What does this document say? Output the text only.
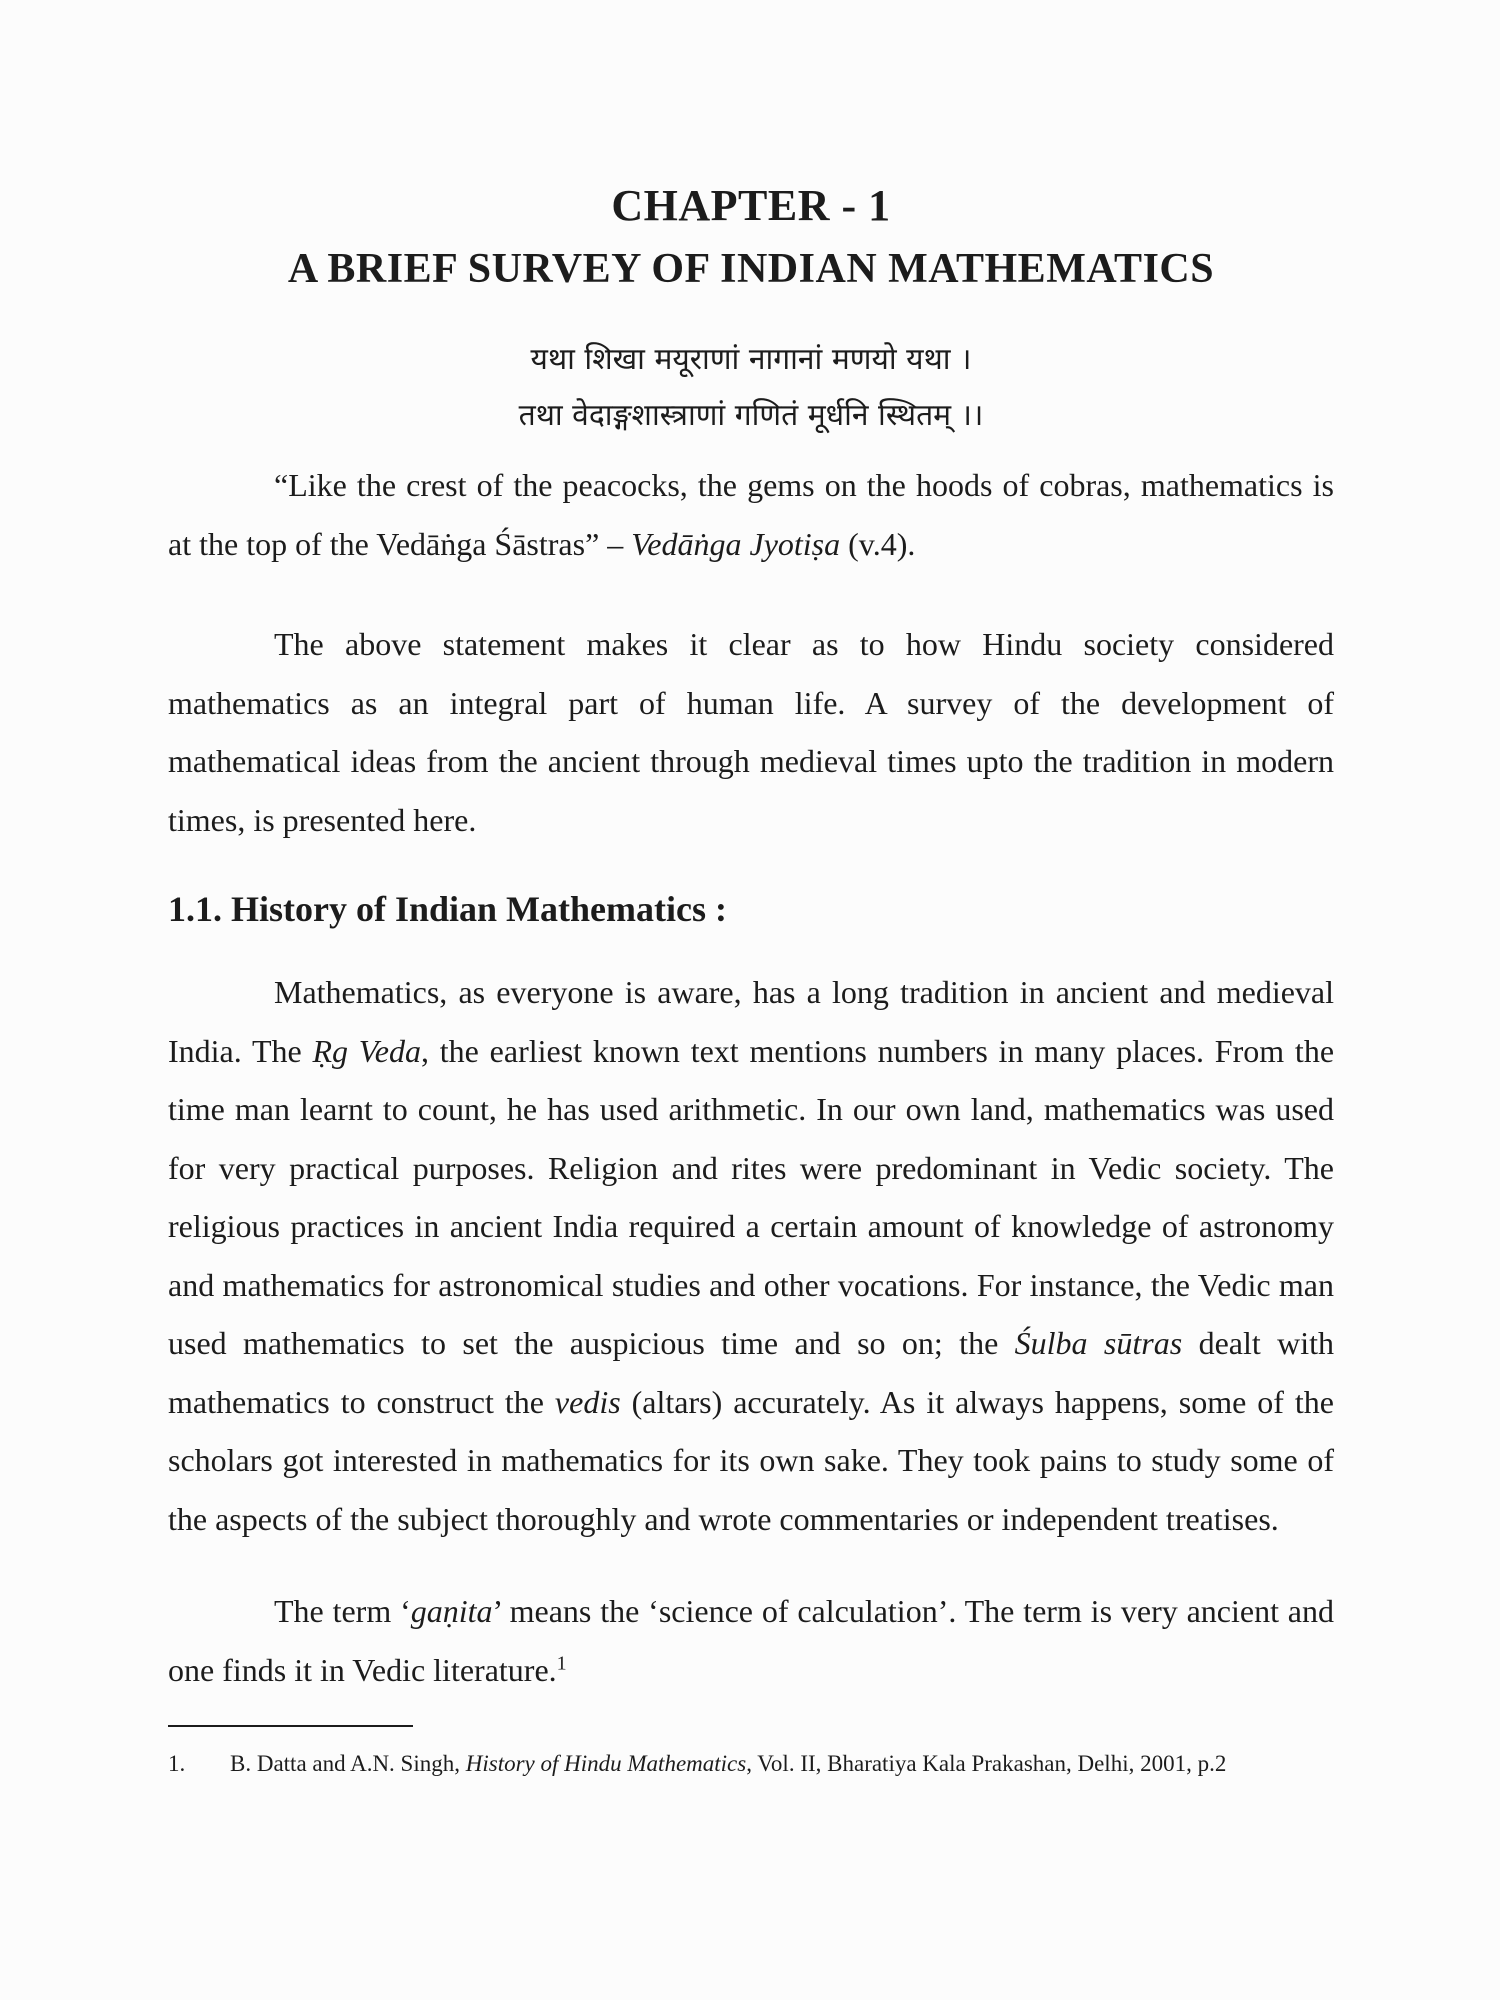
CHAPTER - 1
A BRIEF SURVEY OF INDIAN MATHEMATICS
यथा शिखा मयूराणां नागानां मणयो यथा ।
तथा वेदाङ्गशास्त्राणां गणितं मूर्धनि स्थितम् ।।

“Like the crest of the peacocks, the gems on the hoods of cobras, mathematics is at the top of the Vedāṅga Śāstras” – Vedāṅga Jyotiṣa (v.4).

The above statement makes it clear as to how Hindu society considered mathematics as an integral part of human life. A survey of the development of mathematical ideas from the ancient through medieval times upto the tradition in modern times, is presented here.

1.1. History of Indian Mathematics :

Mathematics, as everyone is aware, has a long tradition in ancient and medieval India. The Ṛg Veda, the earliest known text mentions numbers in many places. From the time man learnt to count, he has used arithmetic. In our own land, mathematics was used for very practical purposes. Religion and rites were predominant in Vedic society. The religious practices in ancient India required a certain amount of knowledge of astronomy and mathematics for astronomical studies and other vocations. For instance, the Vedic man used mathematics to set the auspicious time and so on; the Śulba sūtras dealt with mathematics to construct the vedis (altars) accurately. As it always happens, some of the scholars got interested in mathematics for its own sake. They took pains to study some of the aspects of the subject thoroughly and wrote commentaries or independent treatises.

The term ‘gaṇita’ means the ‘science of calculation’. The term is very ancient and one finds it in Vedic literature.$^1$

1.	B. Datta and A.N. Singh, History of Hindu Mathematics, Vol. II, Bharatiya Kala Prakashan, Delhi, 2001, p.2
